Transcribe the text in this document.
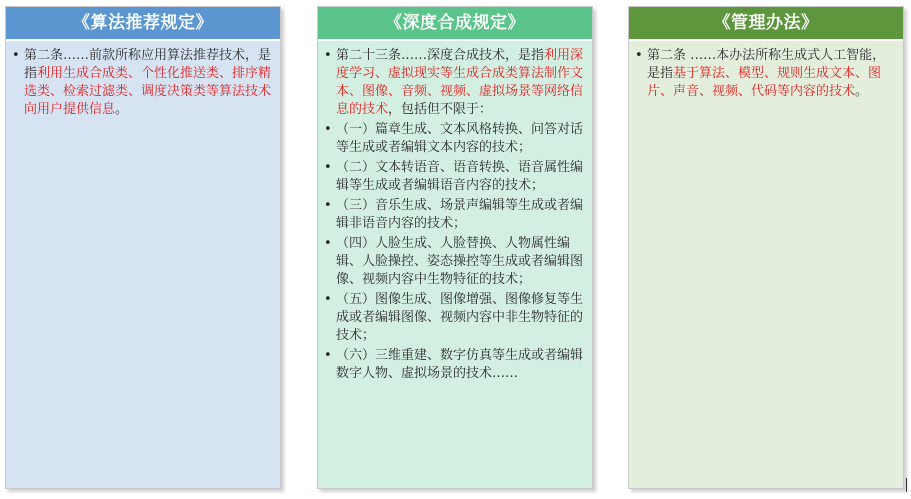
《算法推荐规定》
• 第二条……前款所称应用算法推荐技术，是指利用生成合成类、个性化推送类、排序精选类、检索过滤类、调度决策类等算法技术向用户提供信息。
《深度合成规定》
• 第二十三条……深度合成技术，是指利用深度学习、虚拟现实等生成合成类算法制作文本、图像、音频、视频、虚拟场景等网络信息的技术，包括但不限于：
• （一）篇章生成、文本风格转换、问答对话等生成或者编辑文本内容的技术；
• （二）文本转语音、语音转换、语音属性编辑等生成或者编辑语音内容的技术；
• （三）音乐生成、场景声编辑等生成或者编辑非语音内容的技术；
• （四）人脸生成、人脸替换、人物属性编辑、人脸操控、姿态操控等生成或者编辑图像、视频内容中生物特征的技术；
• （五）图像生成、图像增强、图像修复等生成或者编辑图像、视频内容中非生物特征的技术；
• （六）三维重建、数字仿真等生成或者编辑数字人物、虚拟场景的技术……
《管理办法》
• 第二条 ……本办法所称生成式人工智能，是指基于算法、模型、规则生成文本、图片、声音、视频、代码等内容的技术。
